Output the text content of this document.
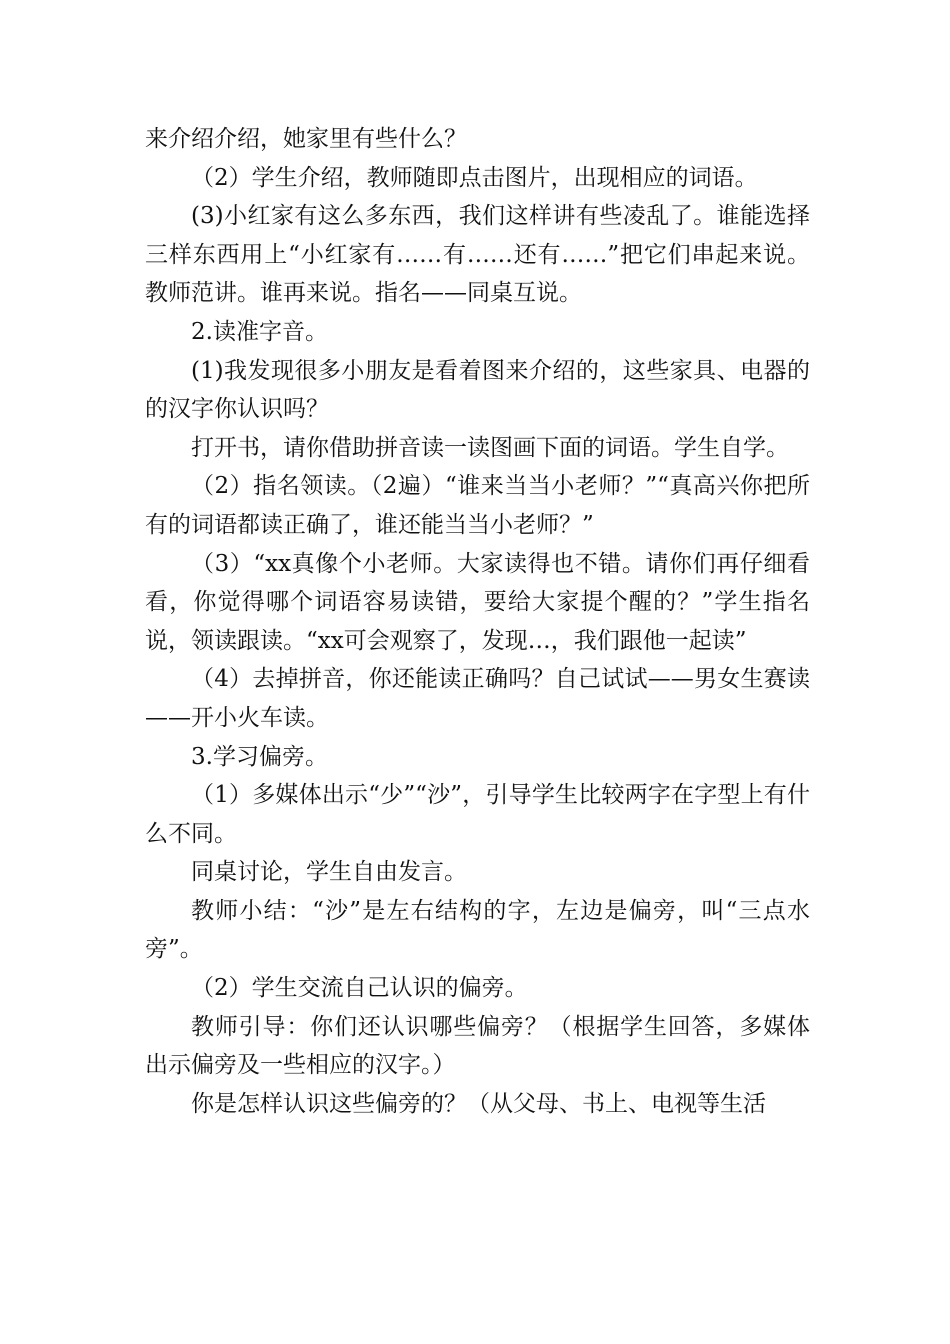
来介绍介绍，她家里有些什么？

（2）学生介绍，教师随即点击图片，出现相应的词语。

(3)小红家有这么多东西，我们这样讲有些凌乱了。谁能选择三样东西用上“小红家有……有……还有……”把它们串起来说。教师范讲。谁再来说。指名——同桌互说。

2.读准字音。

(1)我发现很多小朋友是看着图来介绍的，这些家具、电器的的汉字你认识吗？

打开书，请你借助拼音读一读图画下面的词语。学生自学。

（2）指名领读。（2遍）“谁来当当小老师？”“真高兴你把所有的词语都读正确了，谁还能当当小老师？”

（3）“xx真像个小老师。大家读得也不错。请你们再仔细看看，你觉得哪个词语容易读错，要给大家提个醒的？”学生指名说，领读跟读。“xx可会观察了，发现…，我们跟他一起读”

（4）去掉拼音，你还能读正确吗？自己试试——男女生赛读——开小火车读。

3.学习偏旁。

（1）多媒体出示“少”“沙”，引导学生比较两字在字型上有什么不同。

同桌讨论，学生自由发言。

教师小结：“沙”是左右结构的字，左边是偏旁，叫“三点水旁”。

（2）学生交流自己认识的偏旁。

教师引导：你们还认识哪些偏旁？（根据学生回答，多媒体出示偏旁及一些相应的汉字。）

你是怎样认识这些偏旁的？（从父母、书上、电视等生活
